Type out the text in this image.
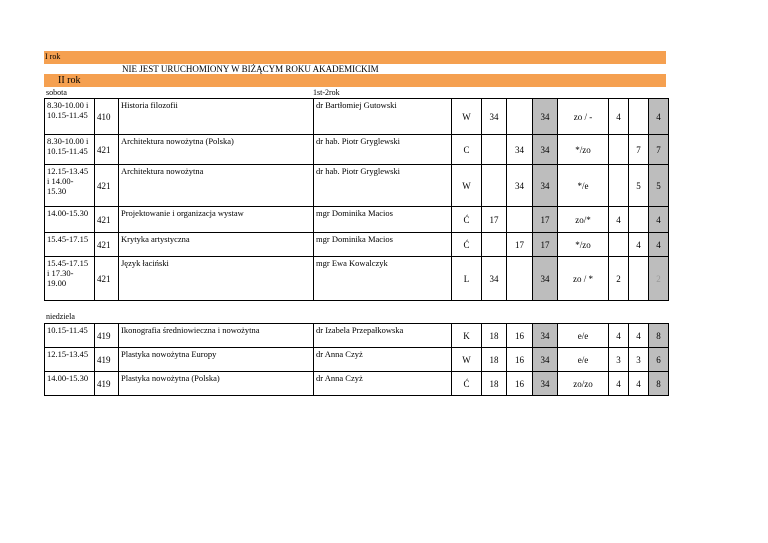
I rok
NIE JEST URUCHOMIONY W BIŻĄCYM ROKU AKADEMICKIM
II rok
sobota	1st-2rok
8.30-10.00 i 10.15-11.45	410	Historia filozofii	dr Bartłomiej Gutowski	W	34		34	zo / -	4		4
8.30-10.00 i 10.15-11.45	421	Architektura nowożytna (Polska)	dr hab. Piotr Gryglewski	C		34	34	*/zo		7	7
12.15-13.45 i 14.00-15.30	421	Architektura nowożytna	dr hab. Piotr Gryglewski	W		34	34	*/e		5	5
14.00-15.30	421	Projektowanie i organizacja wystaw	mgr Dominika Macios	Ć	17		17	zo/*	4		4
15.45-17.15	421	Krytyka artystyczna	mgr Dominika Macios	Ć		17	17	*/zo		4	4
15.45-17.15 i 17.30-19.00	421	Język łaciński	mgr Ewa Kowalczyk	L	34		34	zo / *	2		2
niedziela
10.15-11.45	419	Ikonografia średniowieczna i nowożytna	dr Izabela Przepałkowska	K	18	16	34	e/e	4	4	8
12.15-13.45	419	Plastyka nowożytna Europy	dr Anna Czyż	W	18	16	34	e/e	3	3	6
14.00-15.30	419	Plastyka nowożytna (Polska)	dr Anna Czyż	Ć	18	16	34	zo/zo	4	4	8
